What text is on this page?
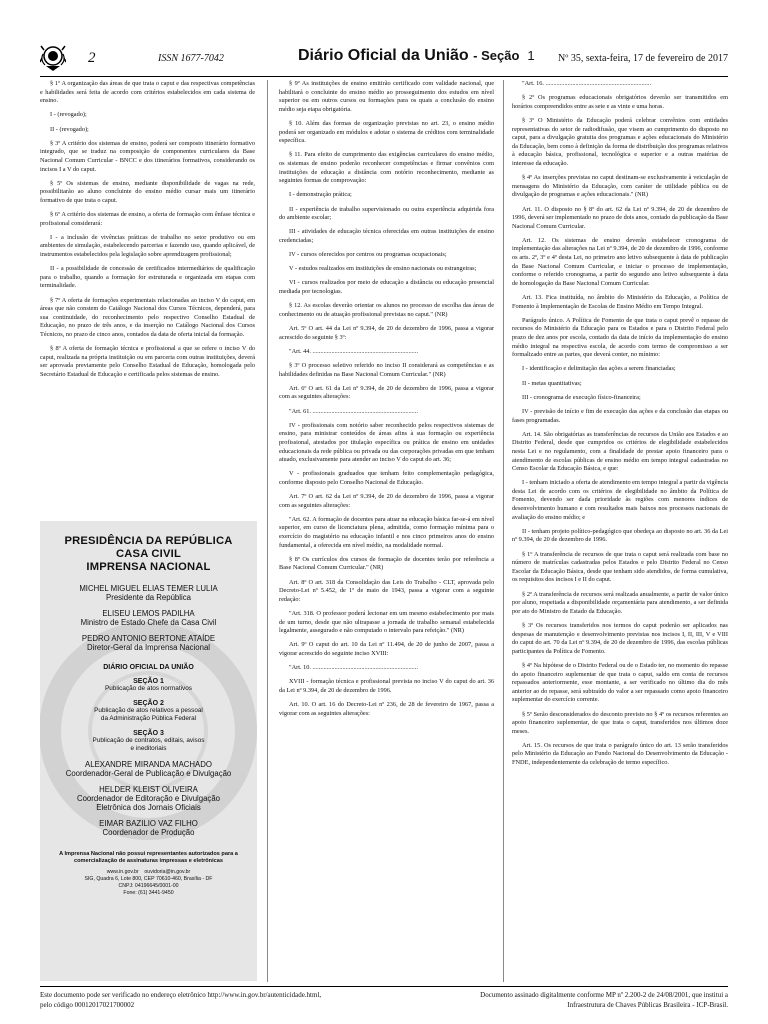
2	ISSN 1677-7042	Diário Oficial da União - Seção 1 Nº 35, sexta-feira, 17 de fevereiro de 2017

§ 1º A organização das áreas de que trata o caput e das respectivas competências e habilidades será feita de acordo com critérios estabelecidos em cada sistema de ensino.

I - (revogado);

II - (revogado);

§ 3º A critério dos sistemas de ensino, poderá ser composto itinerário formativo integrado, que se traduz na composição de componentes curriculares da Base Nacional Comum Curricular - BNCC e dos itinerários formativos, considerando os incisos I a V do caput.

§ 5º Os sistemas de ensino, mediante disponibilidade de vagas na rede, possibilitarão ao aluno concluinte do ensino médio cursar mais um itinerário formativo de que trata o caput.

§ 6º A critério dos sistemas de ensino, a oferta de formação com ênfase técnica e profissional considerará:

I - a inclusão de vivências práticas de trabalho no setor produtivo ou em ambientes de simulação, estabelecendo parcerias e fazendo uso, quando aplicável, de instrumentos estabelecidos pela legislação sobre aprendizagem profissional;

II - a possibilidade de concessão de certificados intermediários de qualificação para o trabalho, quando a formação for estruturada e organizada em etapas com terminalidade.

§ 7º A oferta de formações experimentais relacionadas ao inciso V do caput, em áreas que não constem do Catálogo Nacional dos Cursos Técnicos, dependerá, para sua continuidade, do reconhecimento pelo respectivo Conselho Estadual de Educação, no prazo de três anos, e da inserção no Catálogo Nacional dos Cursos Técnicos, no prazo de cinco anos, contados da data de oferta inicial da formação.

§ 8º A oferta de formação técnica e profissional a que se refere o inciso V do caput, realizada na própria instituição ou em parceria com outras instituições, deverá ser aprovada previamente pelo Conselho Estadual de Educação, homologada pelo Secretário Estadual de Educação e certificada pelos sistemas de ensino.

§ 9º As instituições de ensino emitirão certificado com validade nacional, que habilitará o concluinte do ensino médio ao prosseguimento dos estudos em nível superior ou em outros cursos ou formações para os quais a conclusão do ensino médio seja etapa obrigatória.

§ 10. Além das formas de organização previstas no art. 23, o ensino médio poderá ser organizado em módulos e adotar o sistema de créditos com terminalidade específica.

§ 11. Para efeito de cumprimento das exigências curriculares do ensino médio, os sistemas de ensino poderão reconhecer competências e firmar convênios com instituições de educação a distância com notório reconhecimento, mediante as seguintes formas de comprovação:

I - demonstração prática;

II - experiência de trabalho supervisionado ou outra experiência adquirida fora do ambiente escolar;

III - atividades de educação técnica oferecidas em outras instituições de ensino credenciadas;

IV - cursos oferecidos por centros ou programas ocupacionais;

V - estudos realizados em instituições de ensino nacionais ou estrangeiras;

VI - cursos realizados por meio de educação a distância ou educação presencial mediada por tecnologias.

§ 12. As escolas deverão orientar os alunos no processo de escolha das áreas de conhecimento ou de atuação profissional previstas no caput." (NR)

Art. 5º O art. 44 da Lei nº 9.394, de 20 de dezembro de 1996, passa a vigorar acrescido do seguinte § 3º:

"Art. 44. ...................................................................

§ 3º O processo seletivo referido no inciso II considerará as competências e as habilidades definidas na Base Nacional Comum Curricular." (NR)

Art. 6º O art. 61 da Lei nº 9.394, de 20 de dezembro de 1996, passa a vigorar com as seguintes alterações:

"Art. 61. ...................................................................

IV - profissionais com notório saber reconhecido pelos respectivos sistemas de ensino, para ministrar conteúdos de áreas afins à sua formação ou experiência profissional, atestados por titulação específica ou prática de ensino em unidades educacionais da rede pública ou privada ou das corporações privadas em que tenham atuado, exclusivamente para atender ao inciso V do caput do art. 36;

V - profissionais graduados que tenham feito complementação pedagógica, conforme disposto pelo Conselho Nacional de Educação.

Art. 7º O art. 62 da Lei nº 9.394, de 20 de dezembro de 1996, passa a vigorar com as seguintes alterações:

"Art. 62. A formação de docentes para atuar na educação básica far-se-á em nível superior, em curso de licenciatura plena, admitida, como formação mínima para o exercício do magistério na educação infantil e nos cinco primeiros anos do ensino fundamental, a oferecida em nível médio, na modalidade normal.

§ 8º Os currículos dos cursos de formação de docentes terão por referência a Base Nacional Comum Curricular." (NR)

Art. 8º O art. 318 da Consolidação das Leis do Trabalho - CLT, aprovada pelo Decreto-Lei nº 5.452, de 1º de maio de 1943, passa a vigorar com a seguinte redação:

"Art. 318. O professor poderá lecionar em um mesmo estabelecimento por mais de um turno, desde que não ultrapasse a jornada de trabalho semanal estabelecida legalmente, assegurado e não computado o intervalo para refeição." (NR)

Art. 9º O caput do art. 10 da Lei nº 11.494, de 20 de junho de 2007, passa a vigorar acrescido do seguinte inciso XVIII:

"Art. 10. ...................................................................

XVIII - formação técnica e profissional prevista no inciso V do caput do art. 36 da Lei nº 9.394, de 20 de dezembro de 1996.

Art. 10. O art. 16 do Decreto-Lei nº 236, de 28 de fevereiro de 1967, passa a vigorar com as seguintes alterações:

"Art. 16. ...................................................................

§ 2º Os programas educacionais obrigatórios deverão ser transmitidos em horários compreendidos entre as sete e as vinte e uma horas.

§ 3º O Ministério da Educação poderá celebrar convênios com entidades representativas do setor de radiodifusão, que visem ao cumprimento do disposto no caput, para a divulgação gratuita dos programas e ações educacionais do Ministério da Educação, bem como à definição da forma de distribuição dos programas relativos à educação básica, profissional, tecnológica e superior e a outras matérias de interesse da educação.

§ 4º As inserções previstas no caput destinam-se exclusivamente à veiculação de mensagens do Ministério da Educação, com caráter de utilidade pública ou de divulgação de programas e ações educacionais." (NR)

Art. 11. O disposto no § 8º do art. 62 da Lei nº 9.394, de 20 de dezembro de 1996, deverá ser implementado no prazo de dois anos, contado da publicação da Base Nacional Comum Curricular.

Art. 12. Os sistemas de ensino deverão estabelecer cronograma de implementação das alterações na Lei nº 9.394, de 20 de dezembro de 1996, conforme os arts. 2º, 3º e 4º desta Lei, no primeiro ano letivo subsequente à data de publicação da Base Nacional Comum Curricular, e iniciar o processo de implementação, conforme o referido cronograma, a partir do segundo ano letivo subsequente à data de homologação da Base Nacional Comum Curricular.

Art. 13. Fica instituída, no âmbito do Ministério da Educação, a Política de Fomento à Implementação de Escolas de Ensino Médio em Tempo Integral.

Parágrafo único. A Política de Fomento de que trata o caput prevê o repasse de recursos do Ministério da Educação para os Estados e para o Distrito Federal pelo prazo de dez anos por escola, contado da data de início da implementação do ensino médio integral na respectiva escola, de acordo com termo de compromisso a ser formalizado entre as partes, que deverá conter, no mínimo:

I - identificação e delimitação das ações a serem financiadas;

II - metas quantitativas;

III - cronograma de execução físico-financeira;

IV - previsão de início e fim de execução das ações e da conclusão das etapas ou fases programadas.

Art. 14. São obrigatórias as transferências de recursos da União aos Estados e ao Distrito Federal, desde que cumpridos os critérios de elegibilidade estabelecidos nesta Lei e no regulamento, com a finalidade de prestar apoio financeiro para o atendimento de escolas públicas de ensino médio em tempo integral cadastradas no Censo Escolar da Educação Básica, e que:

I - tenham iniciado a oferta de atendimento em tempo integral a partir da vigência desta Lei de acordo com os critérios de elegibilidade no âmbito da Política de Fomento, devendo ser dada prioridade às regiões com menores índices de desenvolvimento humano e com resultados mais baixos nos processos nacionais de avaliação do ensino médio; e

II - tenham projeto político-pedagógico que obedeça ao disposto no art. 36 da Lei nº 9.394, de 20 de dezembro de 1996.

§ 1º A transferência de recursos de que trata o caput será realizada com base no número de matrículas cadastradas pelos Estados e pelo Distrito Federal no Censo Escolar da Educação Básica, desde que tenham sido atendidos, de forma cumulativa, os requisitos dos incisos I e II do caput.

§ 2º A transferência de recursos será realizada anualmente, a partir de valor único por aluno, respeitada a disponibilidade orçamentária para atendimento, a ser definida por ato do Ministro de Estado da Educação.

§ 3º Os recursos transferidos nos termos do caput poderão ser aplicados nas despesas de manutenção e desenvolvimento previstas nos incisos I, II, III, V e VIII do caput do art. 70 da Lei nº 9.394, de 20 de dezembro de 1996, das escolas públicas participantes da Política de Fomento.

§ 4º Na hipótese de o Distrito Federal ou de o Estado ter, no momento do repasse do apoio financeiro suplementar de que trata o caput, saldo em conta de recursos repassados anteriormente, esse montante, a ser verificado no último dia do mês anterior ao do repasse, será subtraído do valor a ser repassado como apoio financeiro suplementar do exercício corrente.

§ 5º Serão desconsiderados do desconto previsto no § 4º os recursos referentes ao apoio financeiro suplementar, de que trata o caput, transferidos nos últimos doze meses.

Art. 15. Os recursos de que trata o parágrafo único do art. 13 serão transferidos pelo Ministério da Educação ao Fundo Nacional do Desenvolvimento da Educação - FNDE, independentemente da celebração de termo específico.

PRESIDÊNCIA DA REPÚBLICA
CASA CIVIL
IMPRENSA NACIONAL
MICHEL MIGUEL ELIAS TEMER LULIA
Presidente da República
ELISEU LEMOS PADILHA
Ministro de Estado Chefe da Casa Civil
PEDRO ANTONIO BERTONE ATAÍDE
Diretor-Geral da Imprensa Nacional
DIÁRIO OFICIAL DA UNIÃO
SEÇÃO 1
Publicação de atos normativos
SEÇÃO 2
Publicação de atos relativos a pessoal da Administração Pública Federal
SEÇÃO 3
Publicação de contratos, editais, avisos e ineditoriais
ALEXANDRE MIRANDA MACHADO
Coordenador-Geral de Publicação e Divulgação
HELDER KLEIST OLIVEIRA
Coordenador de Editoração e Divulgação Eletrônica dos Jornais Oficiais
EIMAR BAZILIO VAZ FILHO
Coordenador de Produção
A Imprensa Nacional não possui representantes autorizados para a comercialização de assinaturas impressas e eletrônicas
www.in.gov.br ouvidoria@in.gov.br
SIG, Quadra 6, Lote 800, CEP 70610-460, Brasília - DF
CNPJ: 04196645/0001-00
Fone: (61) 3441-9450
Este documento pode ser verificado no endereço eletrônico http://www.in.gov.br/autenticidade.html,
pelo código 00012017021700002
Documento assinado digitalmente conforme MP nº 2.200-2 de 24/08/2001, que institui a
Infraestrutura de Chaves Públicas Brasileira - ICP-Brasil.
